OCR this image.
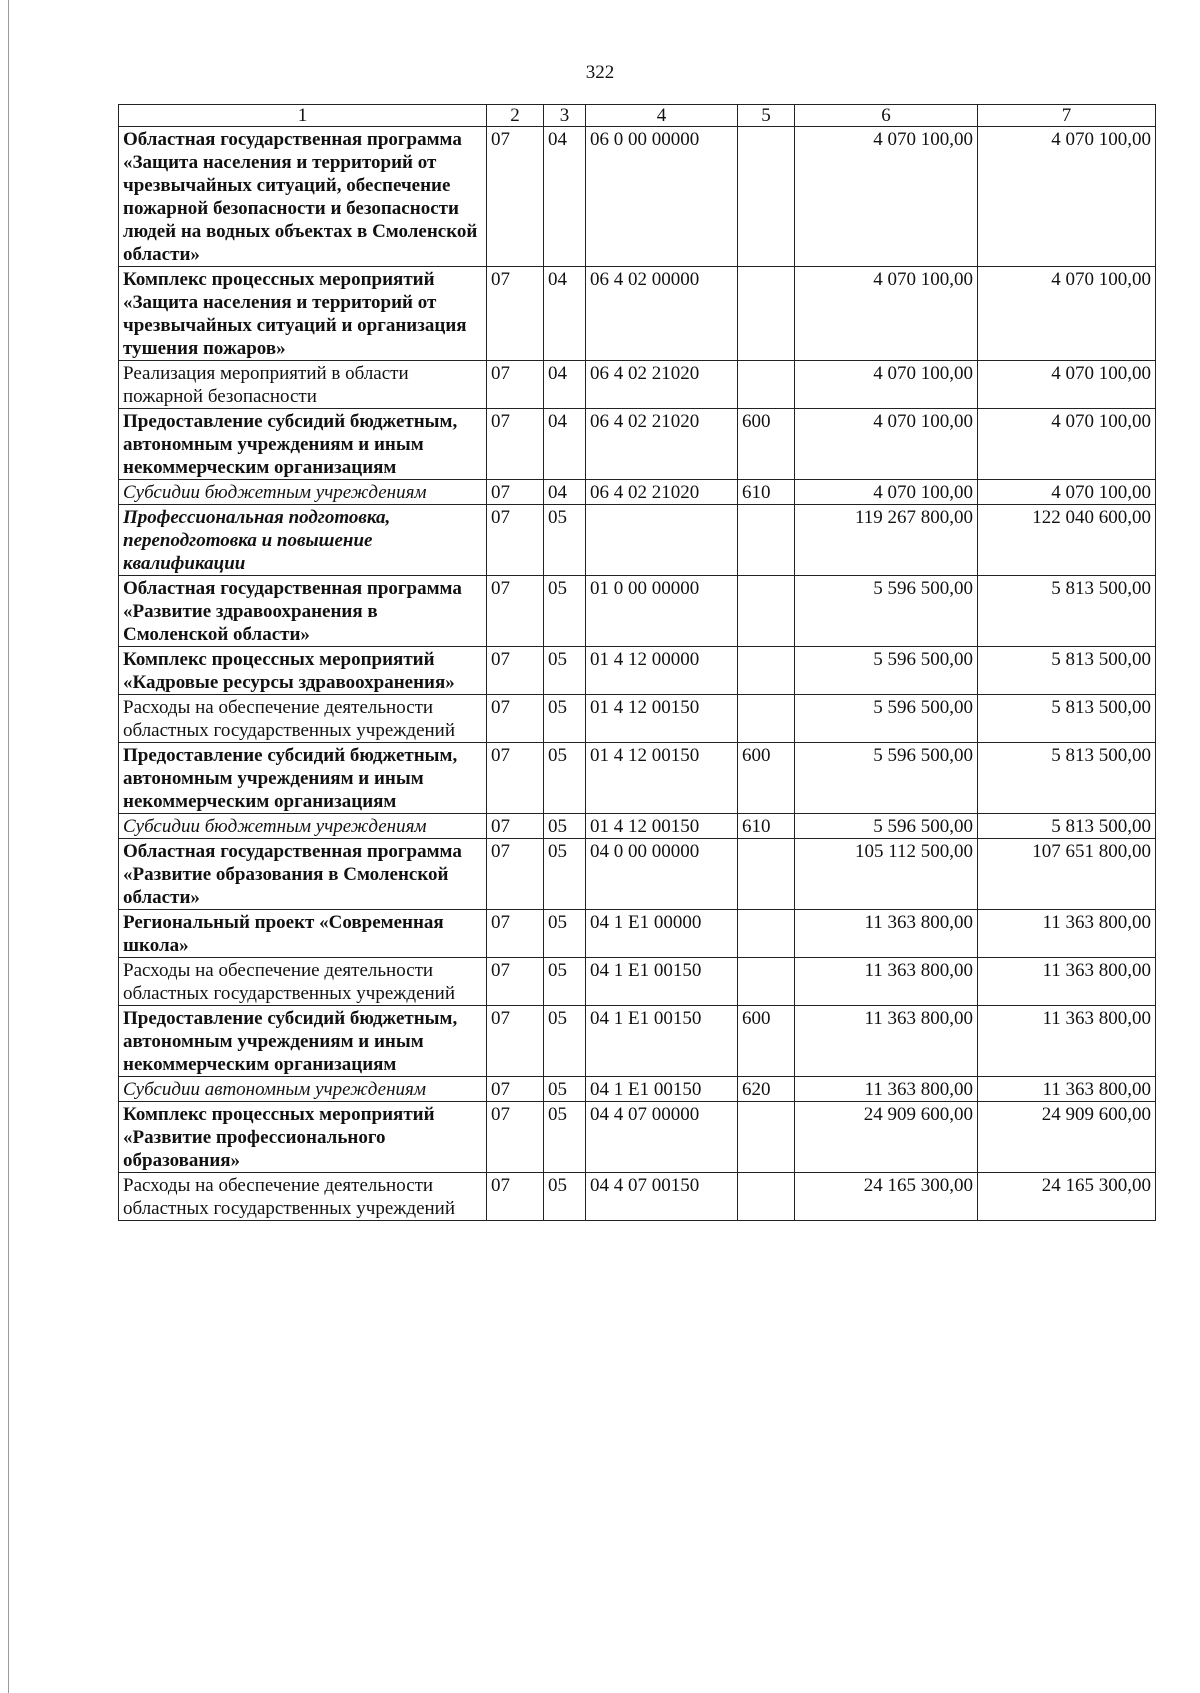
322
1	2	3	4	5	6	7
Областная государственная программа «Защита населения и территорий от чрезвычайных ситуаций, обеспечение пожарной безопасности и безопасности людей на водных объектах в Смоленской области»	07	04	06 0 00 00000		4 070 100,00	4 070 100,00
Комплекс процессных мероприятий «Защита населения и территорий от чрезвычайных ситуаций и организация тушения пожаров»	07	04	06 4 02 00000		4 070 100,00	4 070 100,00
Реализация мероприятий в области пожарной безопасности	07	04	06 4 02 21020		4 070 100,00	4 070 100,00
Предоставление субсидий бюджетным, автономным учреждениям и иным некоммерческим организациям	07	04	06 4 02 21020	600	4 070 100,00	4 070 100,00
Субсидии бюджетным учреждениям	07	04	06 4 02 21020	610	4 070 100,00	4 070 100,00
Профессиональная подготовка, переподготовка и повышение квалификации	07	05			119 267 800,00	122 040 600,00
Областная государственная программа «Развитие здравоохранения в Смоленской области»	07	05	01 0 00 00000		5 596 500,00	5 813 500,00
Комплекс процессных мероприятий «Кадровые ресурсы здравоохранения»	07	05	01 4 12 00000		5 596 500,00	5 813 500,00
Расходы на обеспечение деятельности областных государственных учреждений	07	05	01 4 12 00150		5 596 500,00	5 813 500,00
Предоставление субсидий бюджетным, автономным учреждениям и иным некоммерческим организациям	07	05	01 4 12 00150	600	5 596 500,00	5 813 500,00
Субсидии бюджетным учреждениям	07	05	01 4 12 00150	610	5 596 500,00	5 813 500,00
Областная государственная программа «Развитие образования в Смоленской области»	07	05	04 0 00 00000		105 112 500,00	107 651 800,00
Региональный проект «Современная школа»	07	05	04 1 E1 00000		11 363 800,00	11 363 800,00
Расходы на обеспечение деятельности областных государственных учреждений	07	05	04 1 E1 00150		11 363 800,00	11 363 800,00
Предоставление субсидий бюджетным, автономным учреждениям и иным некоммерческим организациям	07	05	04 1 E1 00150	600	11 363 800,00	11 363 800,00
Субсидии автономным учреждениям	07	05	04 1 E1 00150	620	11 363 800,00	11 363 800,00
Комплекс процессных мероприятий «Развитие профессионального образования»	07	05	04 4 07 00000		24 909 600,00	24 909 600,00
Расходы на обеспечение деятельности областных государственных учреждений	07	05	04 4 07 00150		24 165 300,00	24 165 300,00
